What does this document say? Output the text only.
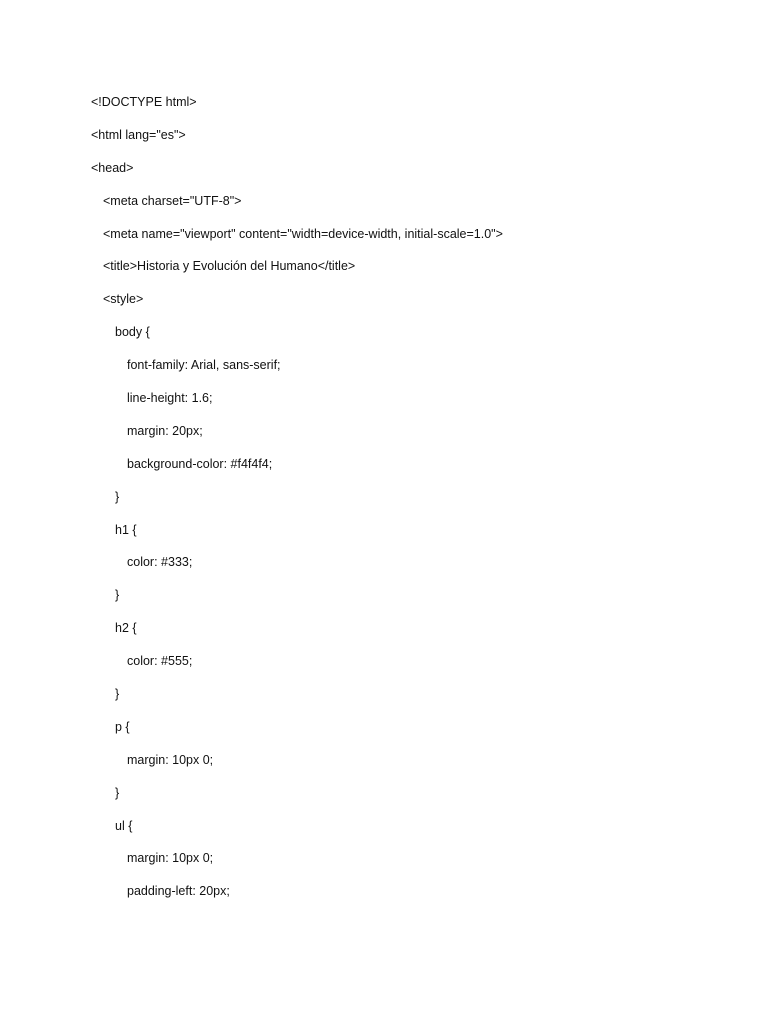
<!DOCTYPE html>
<html lang="es">
<head>
<meta charset="UTF-8">
<meta name="viewport" content="width=device-width, initial-scale=1.0">
<title>Historia y Evolución del Humano</title>
<style>
body {
font-family: Arial, sans-serif;
line-height: 1.6;
margin: 20px;
background-color: #f4f4f4;
}
h1 {
color: #333;
}
h2 {
color: #555;
}
p {
margin: 10px 0;
}
ul {
margin: 10px 0;
padding-left: 20px;
